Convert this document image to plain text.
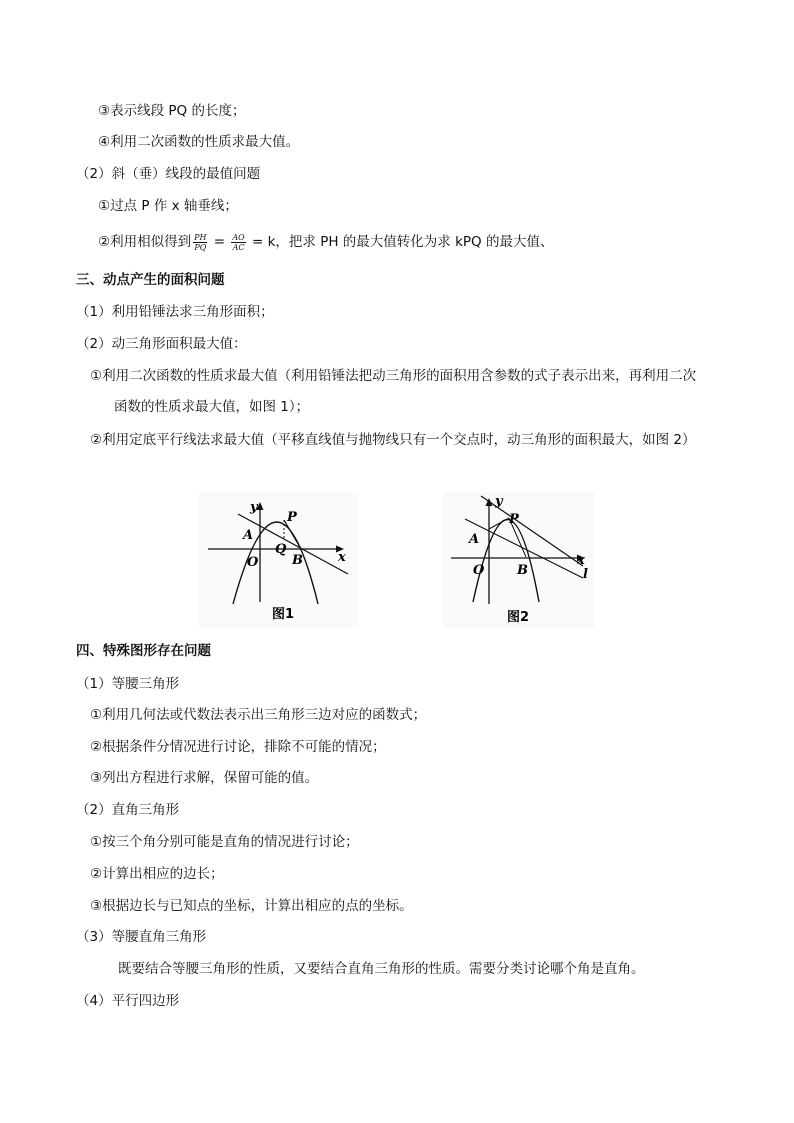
③表示线段 PQ 的长度；
④利用二次函数的性质求最大值。
（2）斜（垂）线段的最值问题
①过点 P 作 x 轴垂线；
②利用相似得到 $\frac{PH}{PQ} = \frac{AO}{AC} = k$，把求 PH 的最大值转化为求 kPQ 的最大值、
三、动点产生的面积问题
（1）利用铅锤法求三角形面积；
（2）动三角形面积最大值：
①利用二次函数的性质求最大值（利用铅锤法把动三角形的面积用含参数的式子表示出来，再利用二次
函数的性质求最大值，如图 1）；
②利用定底平行线法求最大值（平移直线值与抛物线只有一个交点时，动三角形的面积最大，如图 2）
y
P
A
Q
O	B	x
图1
y
P
A
O	B
x
l
图2
四、特殊图形存在问题
（1）等腰三角形
①利用几何法或代数法表示出三角形三边对应的函数式；
②根据条件分情况进行讨论，排除不可能的情况；
③列出方程进行求解，保留可能的值。
（2）直角三角形
①按三个角分别可能是直角的情况进行讨论；
②计算出相应的边长；
③根据边长与已知点的坐标，计算出相应的点的坐标。
（3）等腰直角三角形
既要结合等腰三角形的性质，又要结合直角三角形的性质。需要分类讨论哪个角是直角。
（4）平行四边形
